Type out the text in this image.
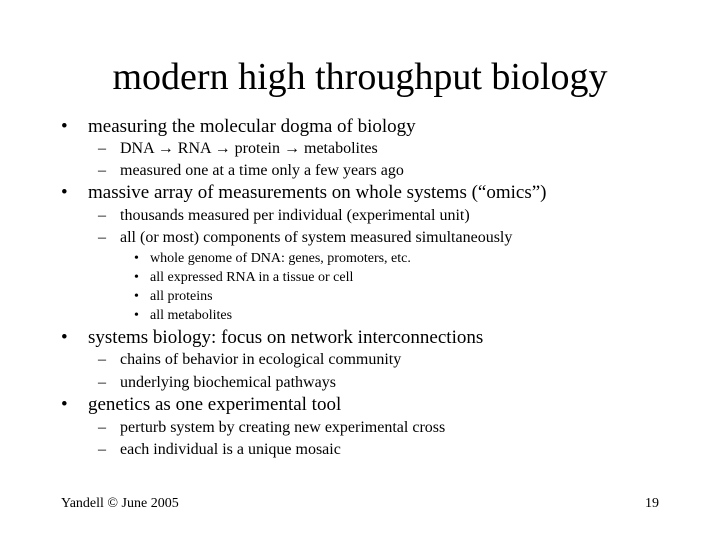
modern high throughput biology
• measuring the molecular dogma of biology
– DNA → RNA → protein → metabolites
– measured one at a time only a few years ago
• massive array of measurements on whole systems (“omics”)
– thousands measured per individual (experimental unit)
– all (or most) components of system measured simultaneously
• whole genome of DNA: genes, promoters, etc.
• all expressed RNA in a tissue or cell
• all proteins
• all metabolites
• systems biology: focus on network interconnections
– chains of behavior in ecological community
– underlying biochemical pathways
• genetics as one experimental tool
– perturb system by creating new experimental cross
– each individual is a unique mosaic
Yandell © June 2005	19
